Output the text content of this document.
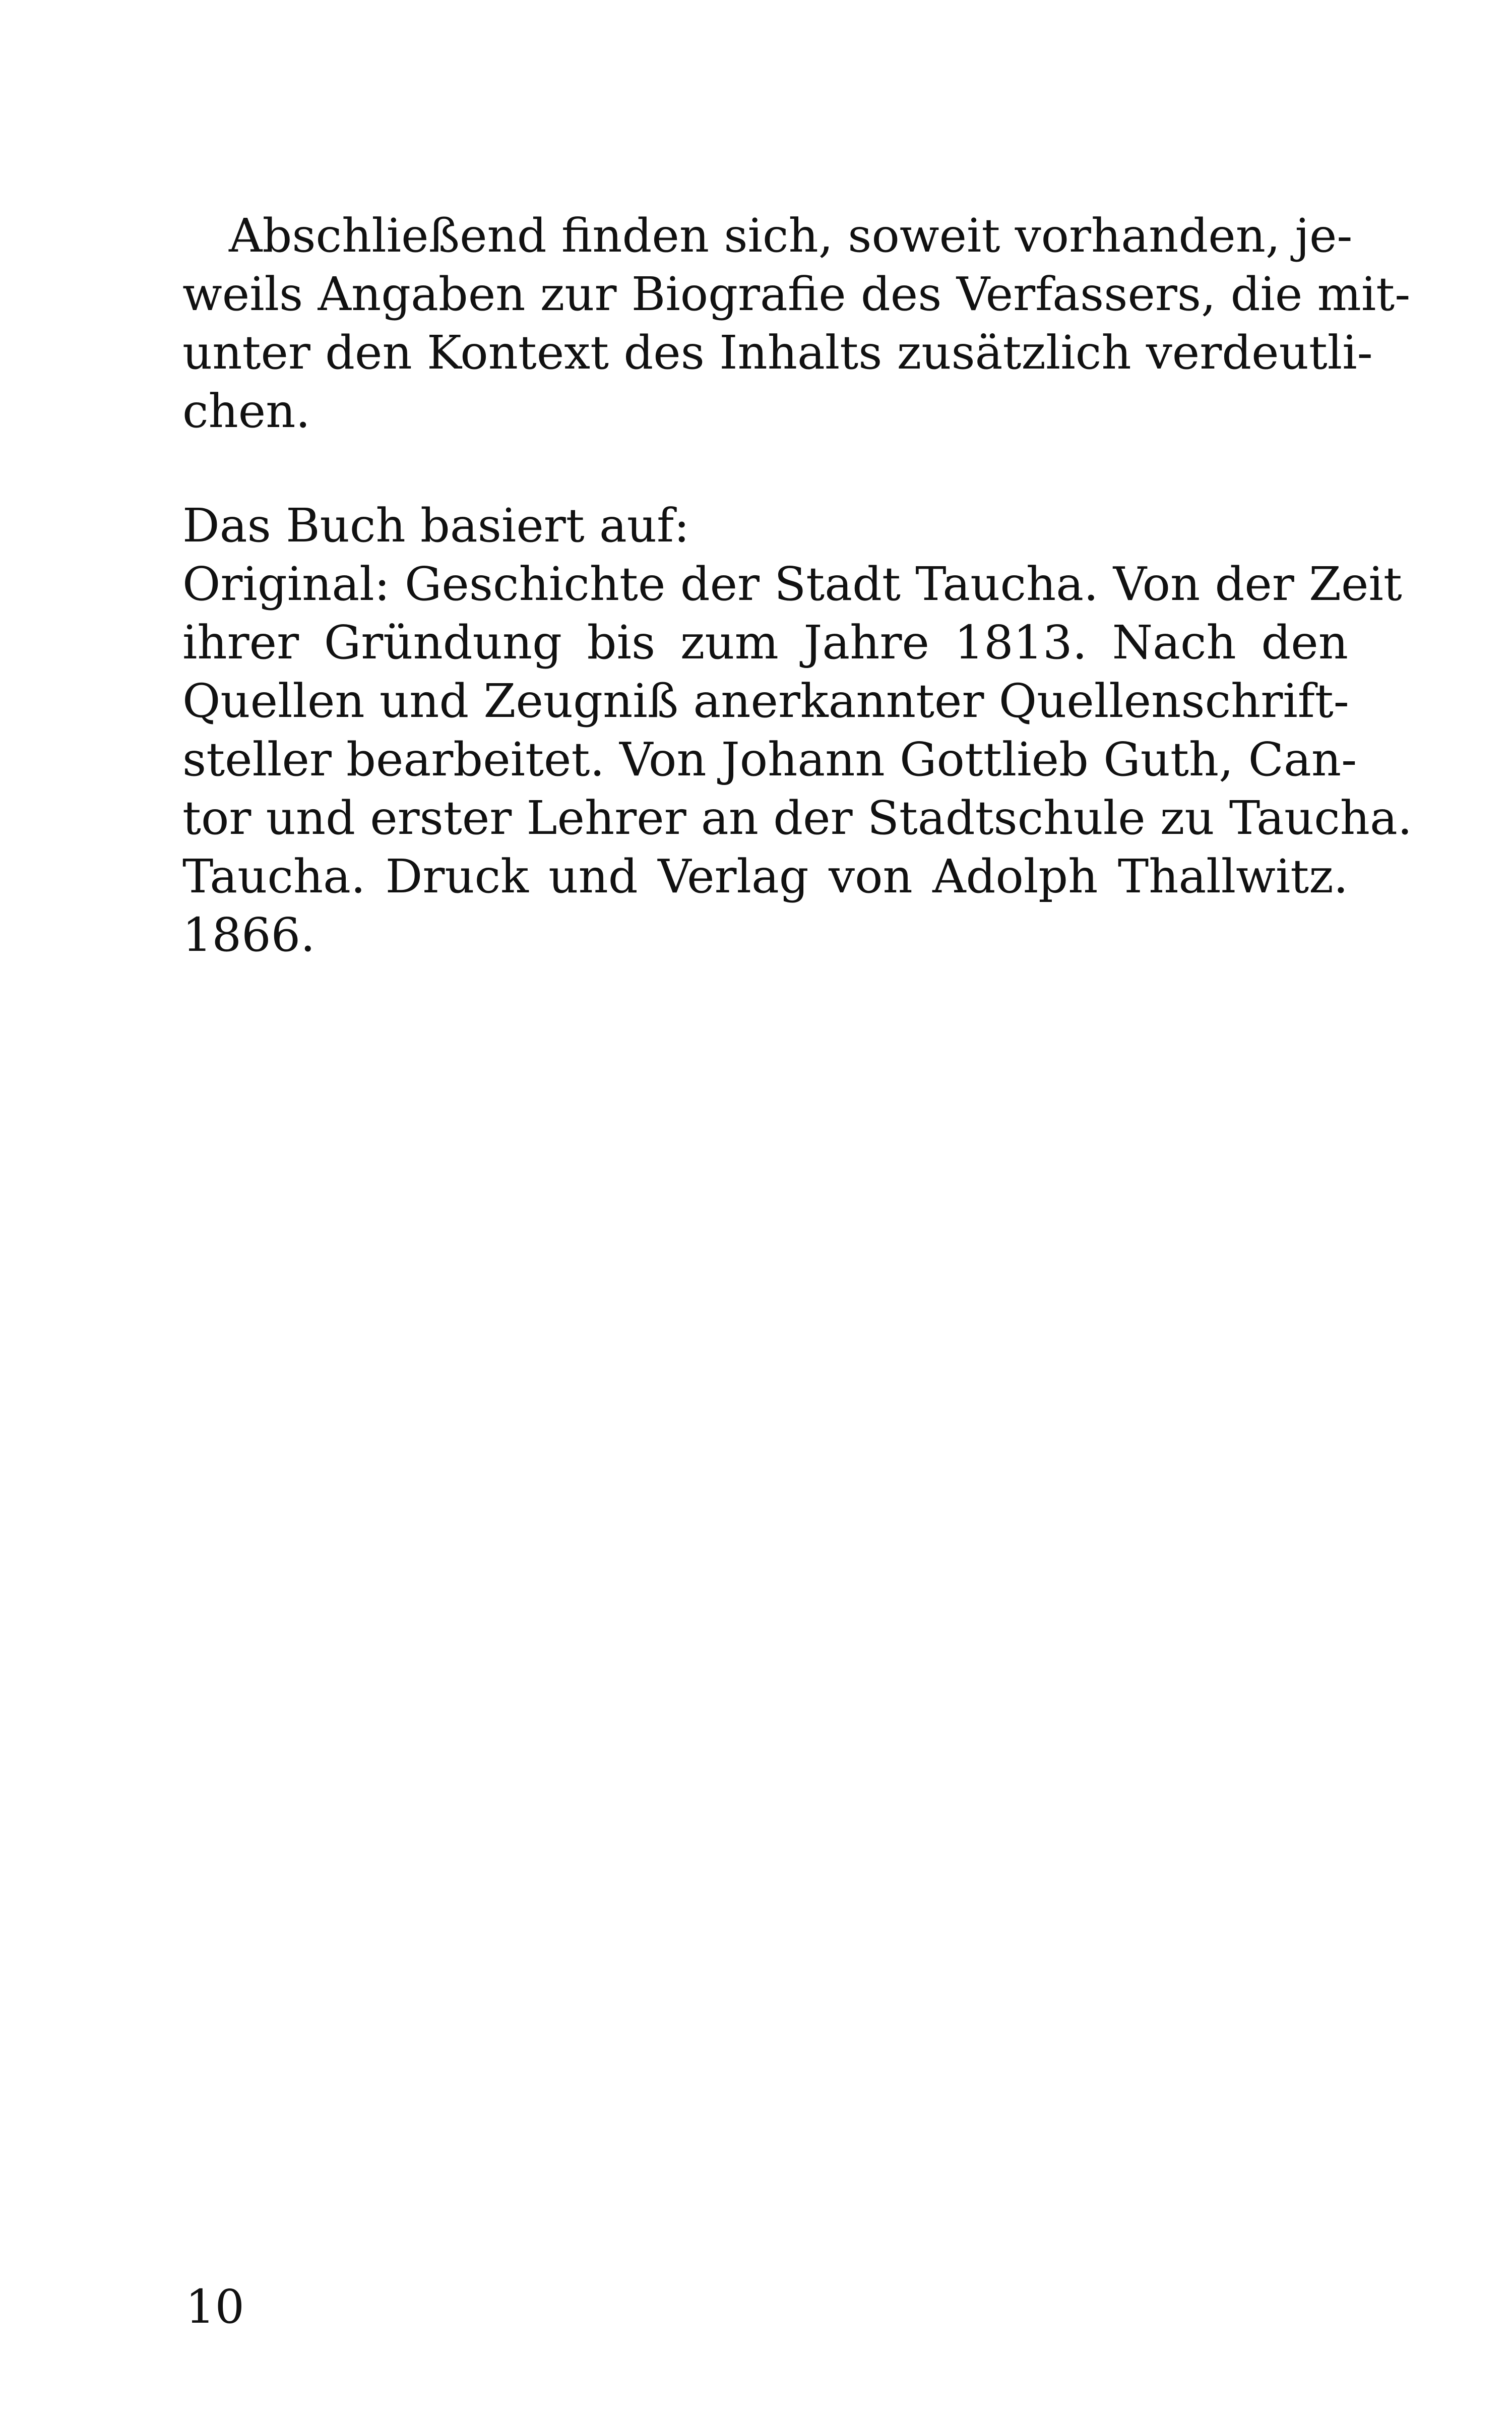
Abschließend finden sich, soweit vorhanden, je-
weils Angaben zur Biografie des Verfassers, die mit-
unter den Kontext des Inhalts zusätzlich verdeutli-
chen.
Das Buch basiert auf:
Original: Geschichte der Stadt Taucha. Von der Zeit
ihrer Gründung bis zum Jahre 1813. Nach den
Quellen und Zeugniß anerkannter Quellenschrift-
steller bearbeitet. Von Johann Gottlieb Guth, Can-
tor und erster Lehrer an der Stadtschule zu Taucha.
Taucha. Druck und Verlag von Adolph Thallwitz.
1866.
10
